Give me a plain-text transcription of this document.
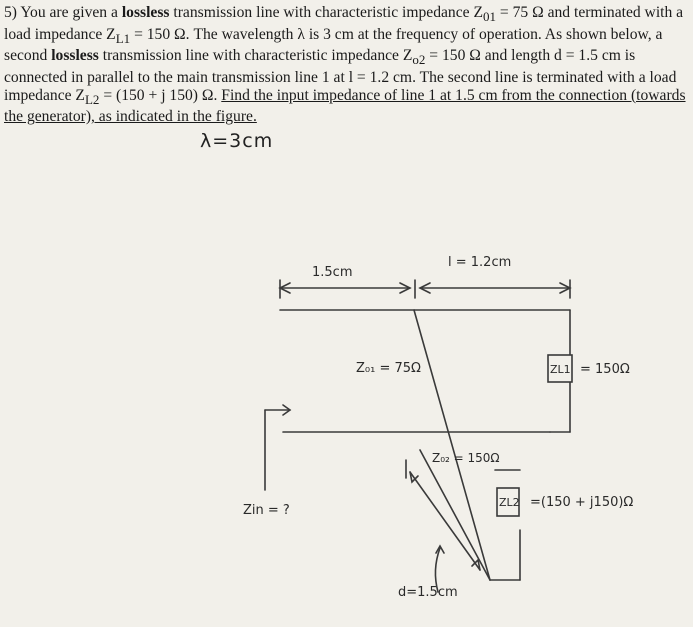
5) You are given a lossless transmission line with characteristic impedance $Z_{01} = 75$ Ω and terminated with a load impedance $Z_{L1} = 150$ Ω. The wavelength λ is 3 cm at the frequency of operation. As shown below, a second lossless transmission line with characteristic impedance $Z_{o2} = 150$ Ω and length d = 1.5 cm is connected in parallel to the main transmission line 1 at l = 1.2 cm. The second line is terminated with a load impedance $Z_{L2} = (150 + j$ 150) Ω. Find the input impedance of line 1 at 1.5 cm from the connection (towards the generator), as indicated in the figure.

λ=3cm
1.5cm
l = 1.2cm
Z₀₁ = 75Ω	ZL1 = 150Ω
Z₀₂ = 150Ω
ZL2 =(150 + j150)Ω
Zin = ?
d=1.5cm
